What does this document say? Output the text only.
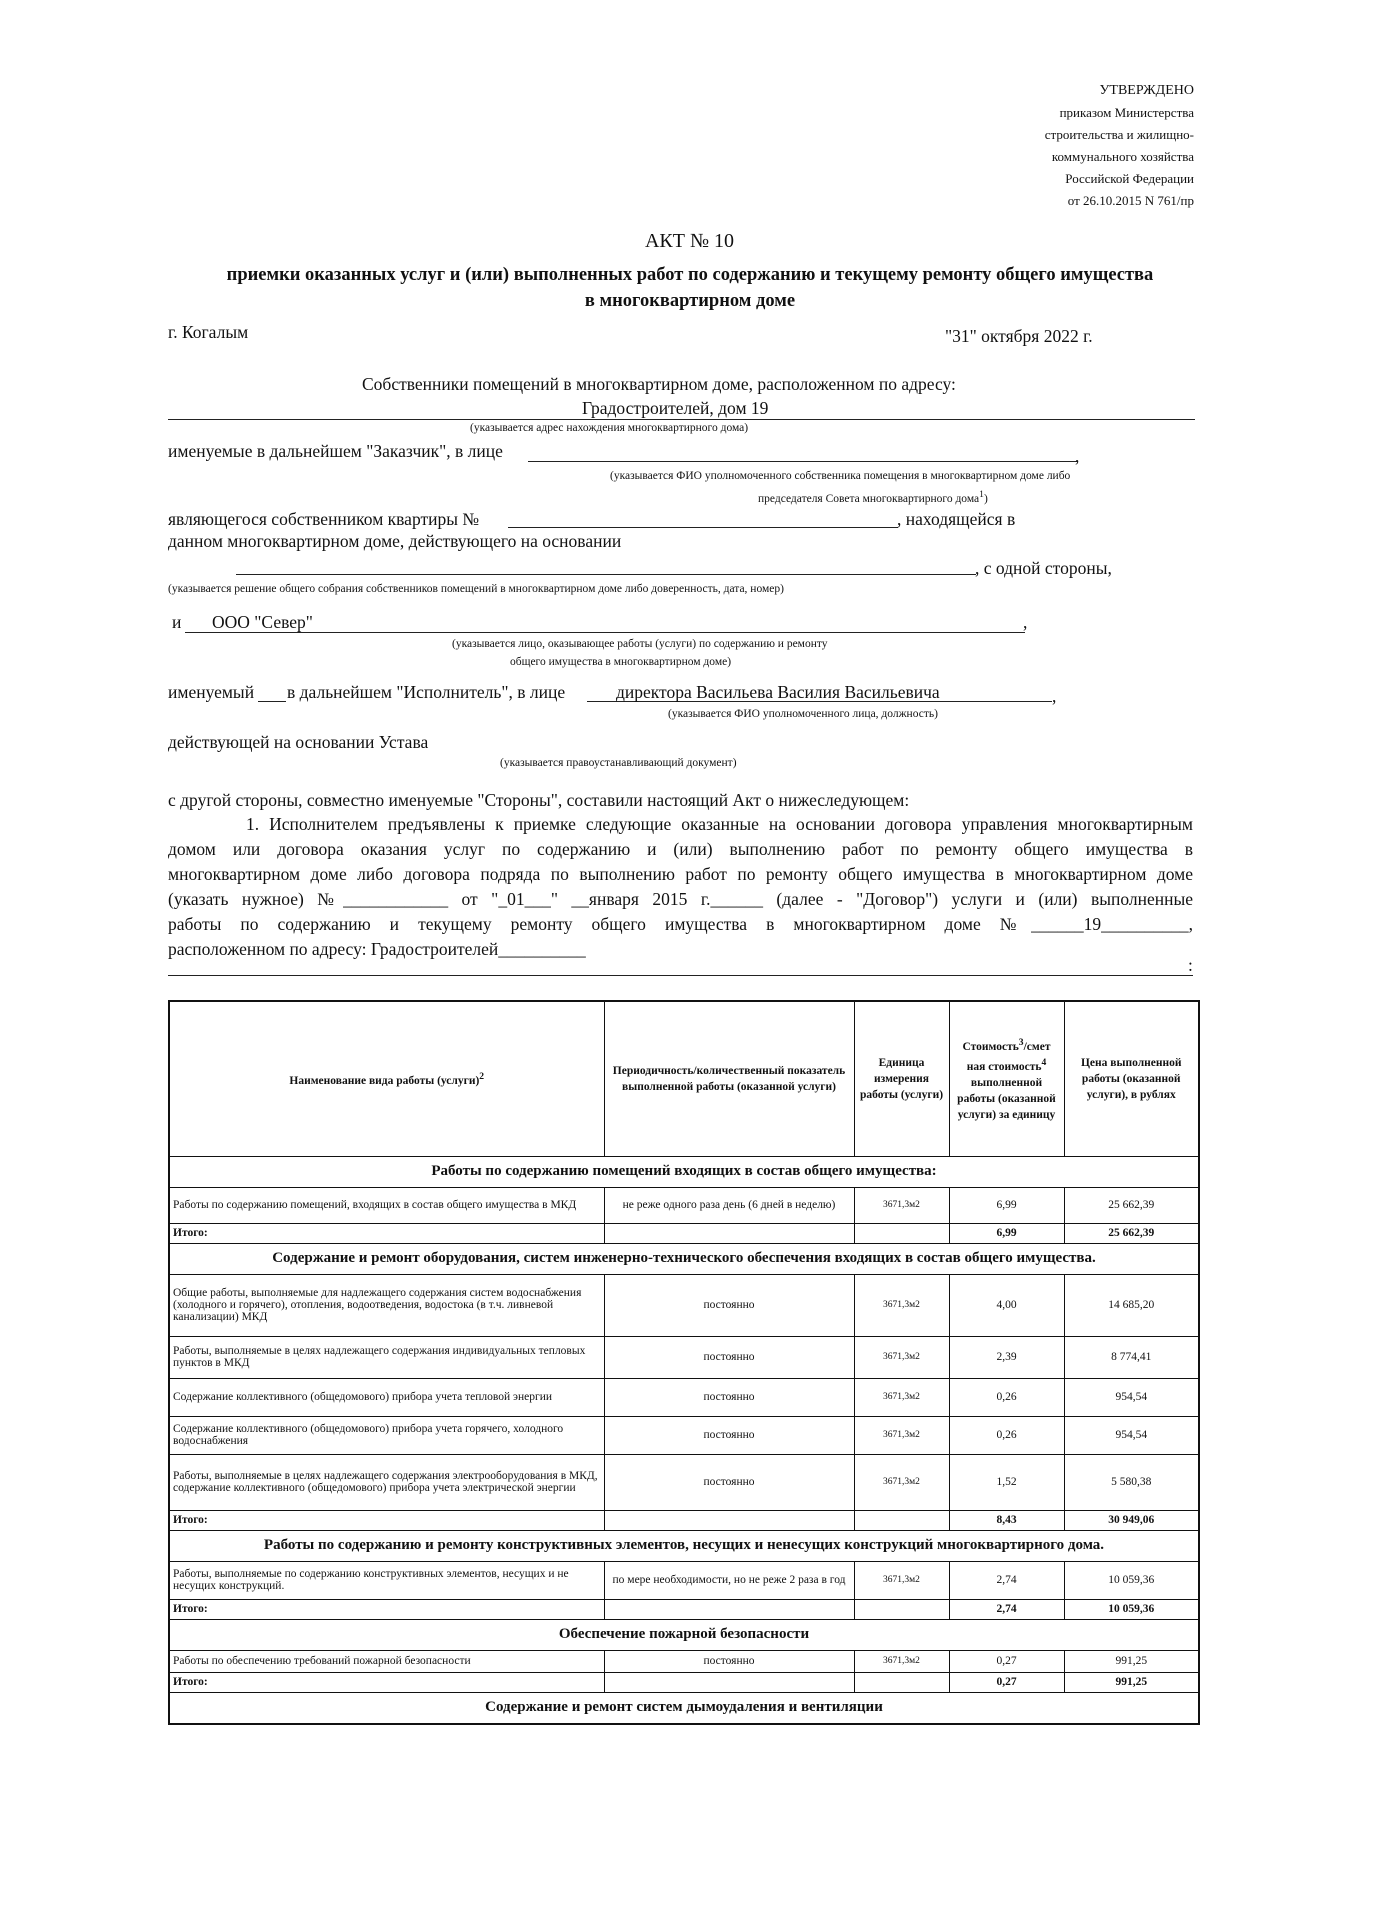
УТВЕРЖДЕНО
приказом Министерства
строительства и жилищно-
коммунального хозяйства
Российской Федерации
от 26.10.2015 N 761/пр
АКТ № 10
приемки оказанных услуг и (или) выполненных работ по содержанию и текущему ремонту общего имущества
в многоквартирном доме
г. Когалым	"31" октября 2022 г.
Собственники помещений в многоквартирном доме, расположенном по адресу:
Градостроителей, дом 19
(указывается адрес нахождения многоквартирного дома)
именуемые в дальнейшем "Заказчик", в лице	,
(указывается ФИО уполномоченного собственника помещения в многоквартирном доме либо
председателя Совета многоквартирного дома$^1$)
являющегося собственником квартиры №	, находящейся в
данном многоквартирном доме, действующего на основании
, с одной стороны,
(указывается решение общего собрания собственников помещений в многоквартирном доме либо доверенность, дата, номер)
и ООО "Север"	,
(указывается лицо, оказывающее работы (услуги) по содержанию и ремонту
общего имущества в многоквартирном доме)
именуемый в дальнейшем "Исполнитель", в лице	директора Васильева Василия Васильевича	,
(указывается ФИО уполномоченного лица, должность)
действующей на основании Устава
(указывается правоустанавливающий документ)
с другой стороны, совместно именуемые "Стороны", составили настоящий Акт о нижеследующем:
1. Исполнителем предъявлены к приемке следующие оказанные на основании договора управления многоквартирным
домом или договора оказания услуг по содержанию и (или) выполнению работ по ремонту общего имущества в
многоквартирном доме либо договора подряда по выполнению работ по ремонту общего имущества в многоквартирном доме
(указать нужное) №____________ от "_01___" __января 2015 г.______ (далее - "Договор") услуги и (или) выполненные
работы по содержанию и текущему ремонту общего имущества в многоквартирном доме №______19__________,
расположенном по адресу: Градостроителей__________
:
Наименование вида работы (услуги)$^2$	Периодичность/количественный показатель выполненной работы (оказанной услуги)	Единица измерения работы (услуги)	Стоимость$^3$/смет ная стоимость$^4$ выполненной работы (оказанной услуги) за единицу	Цена выполненной работы (оказанной услуги), в рублях
Работы по содержанию помещений входящих в состав общего имущества:				
Работы по содержанию помещений, входящих в состав общего имущества в МКД	не реже одного раза день (6 дней в неделю)	3671,3м2	6,99	25 662,39
Итого:			6,99	25 662,39
Содержание и ремонт оборудования, систем инженерно-технического обеспечения входящих в состав общего имущества.				
Общие работы, выполняемые для надлежащего содержания систем водоснабжения (холодного и горячего), отопления, водоотведения, водостока (в т.ч. ливневой канализации) МКД	постоянно	3671,3м2	4,00	14 685,20
Работы, выполняемые в целях надлежащего содержания индивидуальных тепловых пунктов в МКД	постоянно	3671,3м2	2,39	8 774,41
Содержание коллективного (общедомового) прибора учета тепловой энергии	постоянно	3671,3м2	0,26	954,54
Содержание коллективного (общедомового) прибора учета горячего, холодного водоснабжения	постоянно	3671,3м2	0,26	954,54
Работы, выполняемые в целях надлежащего содержания электрооборудования в МКД, содержание коллективного (общедомового) прибора учета электрической энергии	постоянно	3671,3м2	1,52	5 580,38
Итого:			8,43	30 949,06
Работы по содержанию и ремонту конструктивных элементов, несущих и ненесущих конструкций многоквартирного дома.				
Работы, выполняемые по содержанию конструктивных элементов, несущих и не несущих конструкций.	по мере необходимости, но не реже 2 раза в год	3671,3м2	2,74	10 059,36
Итого:			2,74	10 059,36
Обеспечение пожарной безопасности				
Работы по обеспечению требований пожарной безопасности	постоянно	3671,3м2	0,27	991,25
Итого:			0,27	991,25
Содержание и ремонт систем дымоудаления и вентиляции				
